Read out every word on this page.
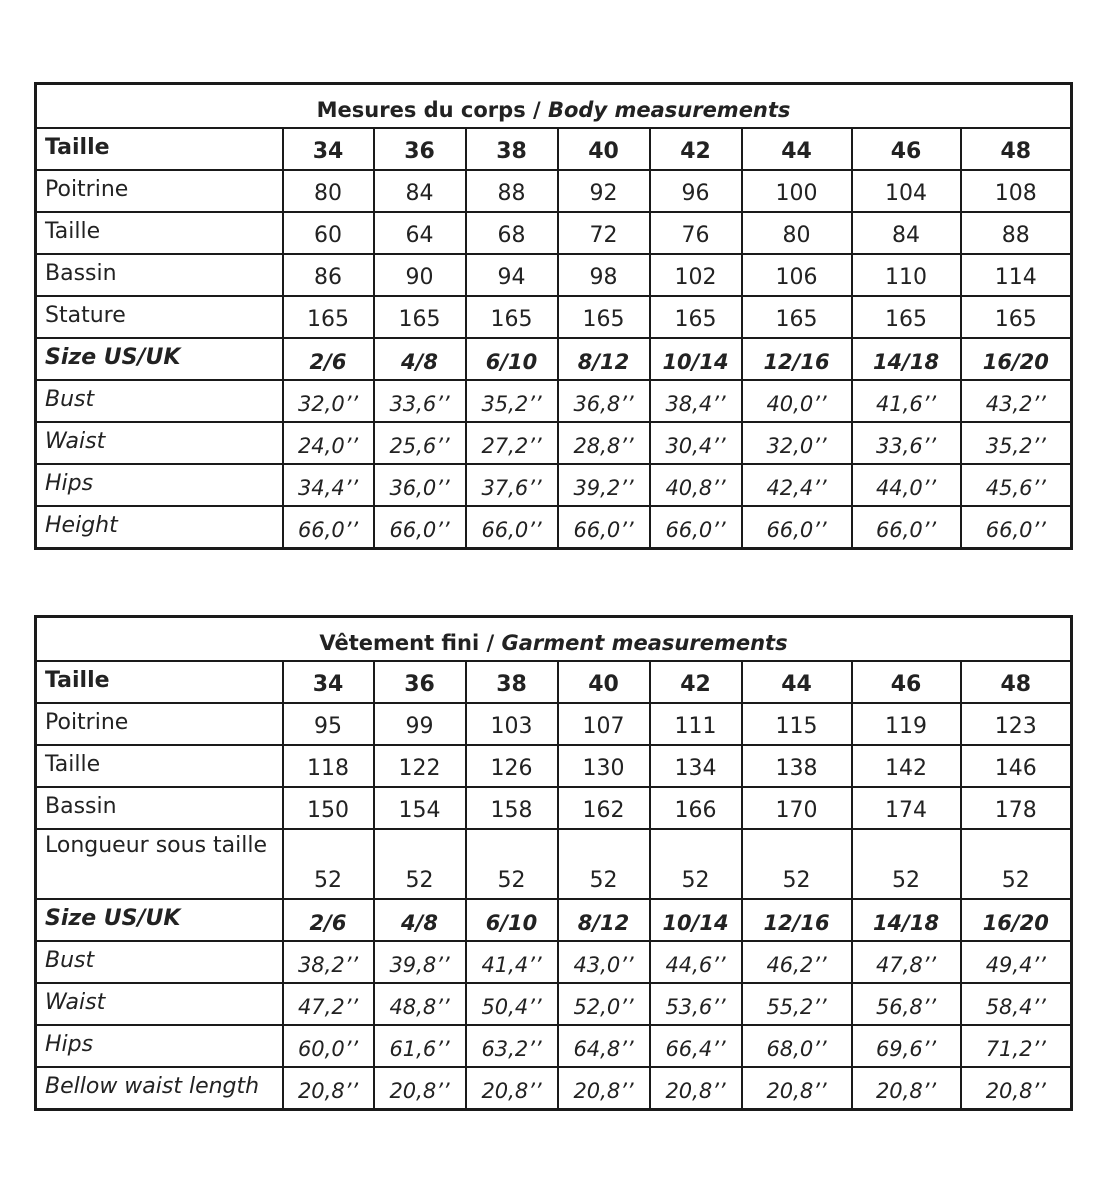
Mesures du corps / Body measurements								
Taille	34	36	38	40	42	44	46	48
Poitrine	80	84	88	92	96	100	104	108
Taille	60	64	68	72	76	80	84	88
Bassin	86	90	94	98	102	106	110	114
Stature	165	165	165	165	165	165	165	165
Size US/UK	2/6	4/8	6/10	8/12	10/14	12/16	14/18	16/20
Bust	32,0’’	33,6’’	35,2’’	36,8’’	38,4’’	40,0’’	41,6’’	43,2’’
Waist	24,0’’	25,6’’	27,2’’	28,8’’	30,4’’	32,0’’	33,6’’	35,2’’
Hips	34,4’’	36,0’’	37,6’’	39,2’’	40,8’’	42,4’’	44,0’’	45,6’’
Height	66,0’’	66,0’’	66,0’’	66,0’’	66,0’’	66,0’’	66,0’’	66,0’’
Vêtement fini / Garment measurements								
Taille	34	36	38	40	42	44	46	48
Poitrine	95	99	103	107	111	115	119	123
Taille	118	122	126	130	134	138	142	146
Bassin	150	154	158	162	166	170	174	178
Longueur sous taille	52	52	52	52	52	52	52	52
Size US/UK	2/6	4/8	6/10	8/12	10/14	12/16	14/18	16/20
Bust	38,2’’	39,8’’	41,4’’	43,0’’	44,6’’	46,2’’	47,8’’	49,4’’
Waist	47,2’’	48,8’’	50,4’’	52,0’’	53,6’’	55,2’’	56,8’’	58,4’’
Hips	60,0’’	61,6’’	63,2’’	64,8’’	66,4’’	68,0’’	69,6’’	71,2’’
Bellow waist length	20,8’’	20,8’’	20,8’’	20,8’’	20,8’’	20,8’’	20,8’’	20,8’’
